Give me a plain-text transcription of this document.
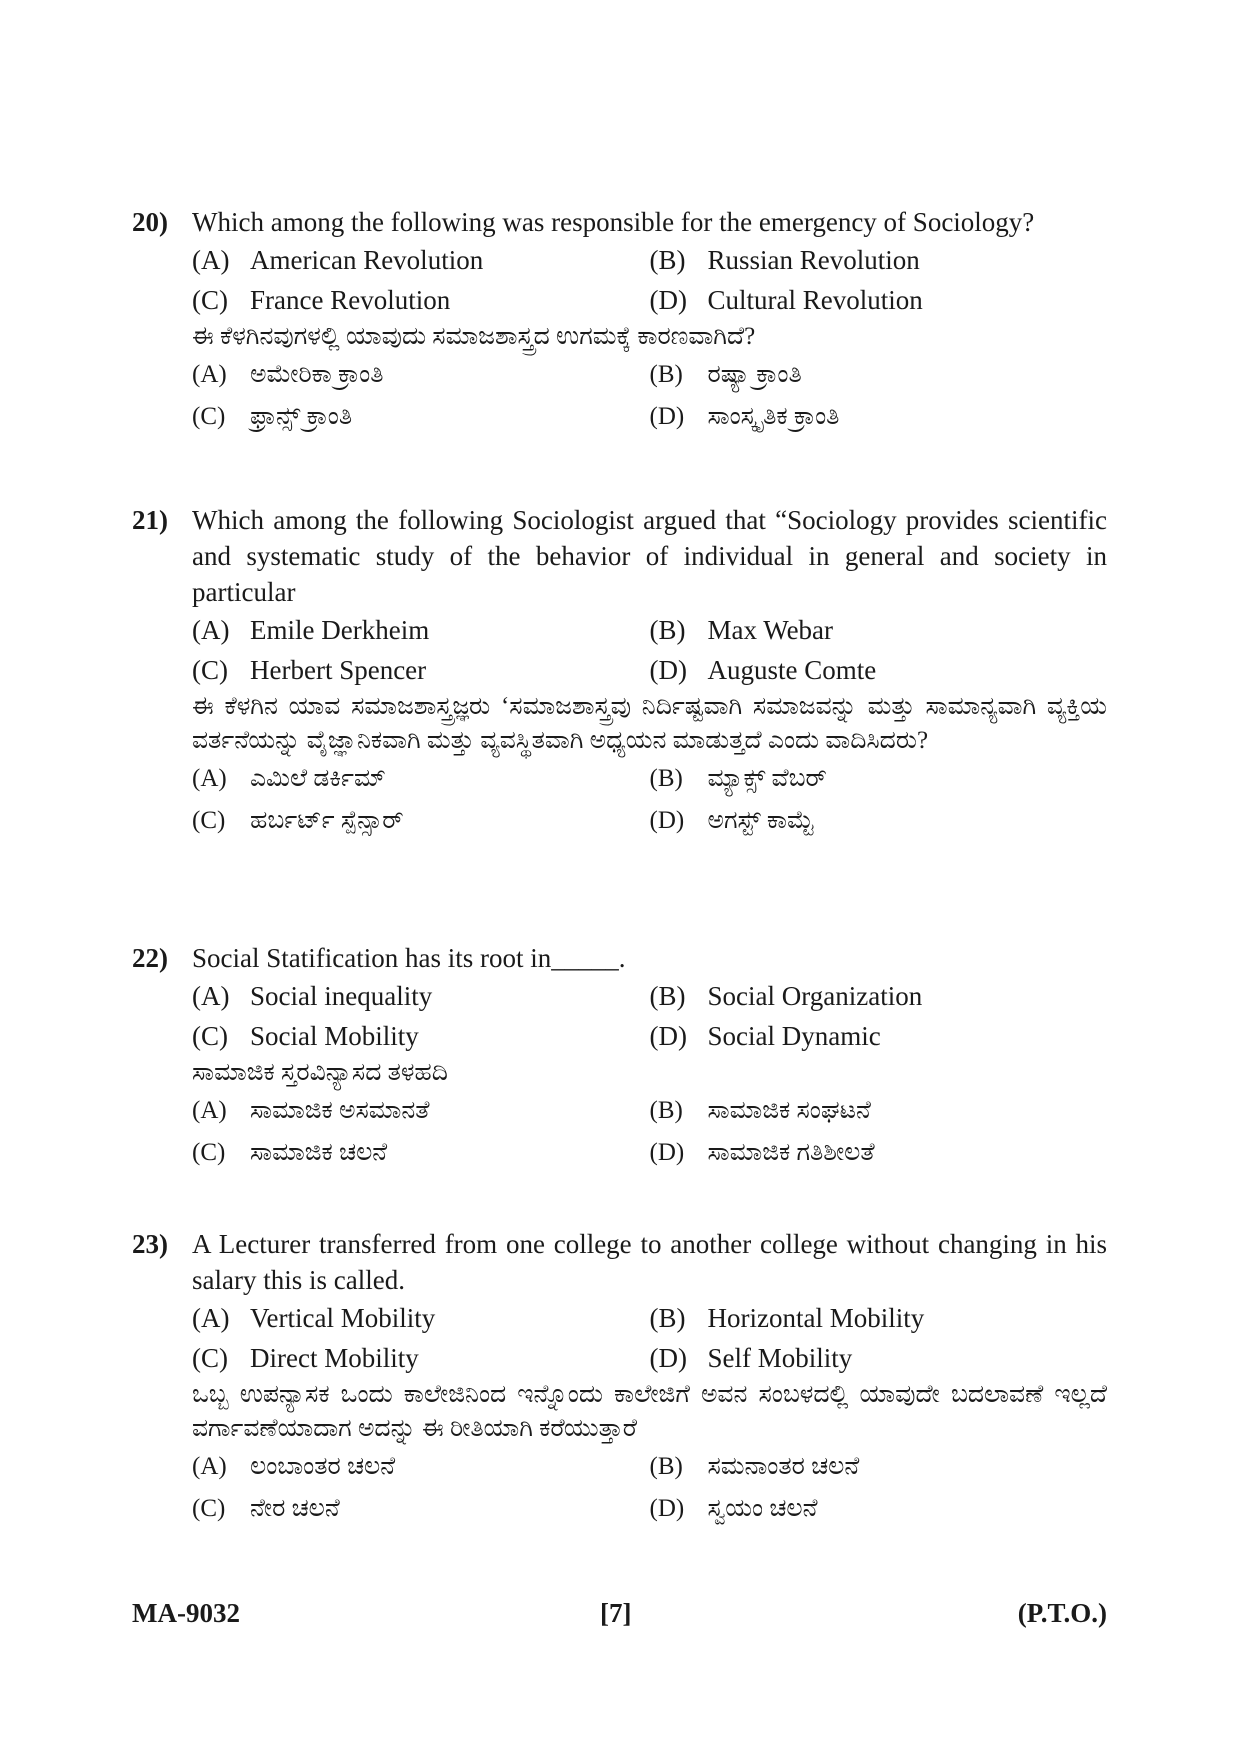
20) Which among the following was responsible for the emergency of Sociology?
(A) American Revolution	(B) Russian Revolution
(C) France Revolution	(D) Cultural Revolution
ಈ ಕೆಳಗಿನವುಗಳಲ್ಲಿ ಯಾವುದು ಸಮಾಜಶಾಸ್ತ್ರದ ಉಗಮಕ್ಕೆ ಕಾರಣವಾಗಿದೆ?
(A) ಅಮೇರಿಕಾ ಕ್ರಾಂತಿ	(B) ರಷ್ಯಾ ಕ್ರಾಂತಿ
(C) ಫ್ರಾನ್ಸ್ ಕ್ರಾಂತಿ	(D) ಸಾಂಸ್ಕೃತಿಕ ಕ್ರಾಂತಿ
21) Which among the following Sociologist argued that “Sociology provides scientific and systematic study of the behavior of individual in general and society in particular
(A) Emile Derkheim	(B) Max Webar
(C) Herbert Spencer	(D) Auguste Comte
ಈ ಕೆಳಗಿನ ಯಾವ ಸಮಾಜಶಾಸ್ತ್ರಜ್ಞರು ‘ಸಮಾಜಶಾಸ್ತ್ರವು ನಿರ್ದಿಷ್ಟವಾಗಿ ಸಮಾಜವನ್ನು ಮತ್ತು ಸಾಮಾನ್ಯವಾಗಿ ವ್ಯಕ್ತಿಯ ವರ್ತನೆಯನ್ನು ವೈಜ್ಞಾನಿಕವಾಗಿ ಮತ್ತು ವ್ಯವಸ್ಥಿತವಾಗಿ ಅಧ್ಯಯನ ಮಾಡುತ್ತದೆ ಎಂದು ವಾದಿಸಿದರು?
(A) ಎಮಿಲೆ ಡರ್ಕಿಮ್	(B) ಮ್ಯಾಕ್ಸ್ ವೆಬರ್
(C) ಹರ್ಬರ್ಟ್ ಸ್ಪೆನ್ಸಾರ್	(D) ಅಗಸ್ಟ್ ಕಾಮ್ಟೆ
22) Social Statification has its root in_____.
(A) Social inequality	(B) Social Organization
(C) Social Mobility	(D) Social Dynamic
ಸಾಮಾಜಿಕ ಸ್ತರವಿನ್ಯಾಸದ ತಳಹದಿ
(A) ಸಾಮಾಜಿಕ ಅಸಮಾನತೆ	(B) ಸಾಮಾಜಿಕ ಸಂಘಟನೆ
(C) ಸಾಮಾಜಿಕ ಚಲನೆ	(D) ಸಾಮಾಜಿಕ ಗತಿಶೀಲತೆ
23) A Lecturer transferred from one college to another college without changing in his salary this is called.
(A) Vertical Mobility	(B) Horizontal Mobility
(C) Direct Mobility	(D) Self Mobility
ಒಬ್ಬ ಉಪನ್ಯಾಸಕ ಒಂದು ಕಾಲೇಜಿನಿಂದ ಇನ್ನೊಂದು ಕಾಲೇಜಿಗೆ ಅವನ ಸಂಬಳದಲ್ಲಿ ಯಾವುದೇ ಬದಲಾವಣೆ ಇಲ್ಲದೆ ವರ್ಗಾವಣೆಯಾದಾಗ ಅದನ್ನು ಈ ರೀತಿಯಾಗಿ ಕರೆಯುತ್ತಾರೆ
(A) ಲಂಬಾಂತರ ಚಲನೆ	(B) ಸಮನಾಂತರ ಚಲನೆ
(C) ನೇರ ಚಲನೆ	(D) ಸ್ವಯಂ ಚಲನೆ
MA-9032	[7]	(P.T.O.)
